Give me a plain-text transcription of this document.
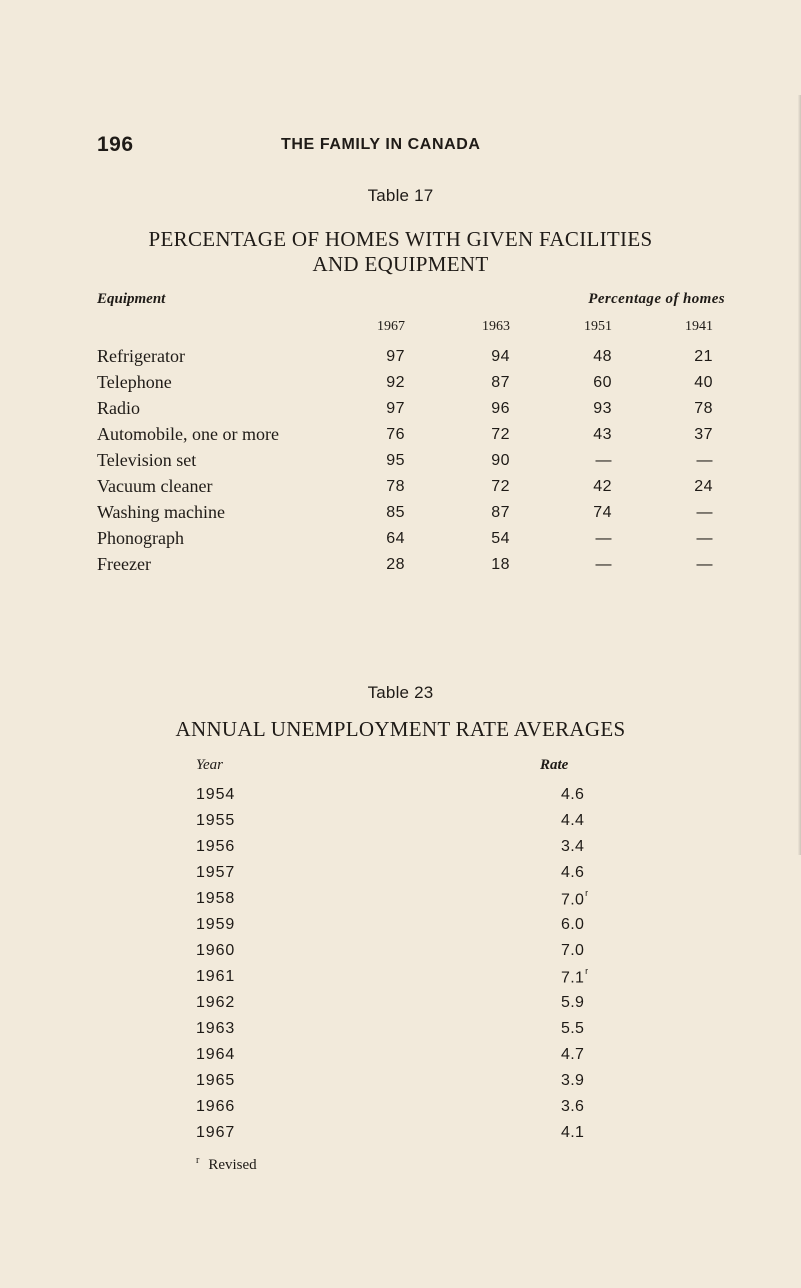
196	THE FAMILY IN CANADA
Table 17
PERCENTAGE OF HOMES WITH GIVEN FACILITIES
AND EQUIPMENT
Equipment	Percentage of homes
1967	1963	1951	1941
Refrigerator	97	94	48	21
Telephone	92	87	60	40
Radio	97	96	93	78
Automobile, one or more	76	72	43	37
Television set	95	90	—	—
Vacuum cleaner	78	72	42	24
Washing machine	85	87	74	—
Phonograph	64	54	—	—
Freezer	28	18	—	—
Table 23
ANNUAL UNEMPLOYMENT RATE AVERAGES
Year	Rate
1954	4.6
1955	4.4
1956	3.4
1957	4.6
1958	7.0$^r$
1959	6.0
1960	7.0
1961	7.1$^r$
1962	5.9
1963	5.5
1964	4.7
1965	3.9
1966	3.6
1967	4.1
$^r$ Revised
